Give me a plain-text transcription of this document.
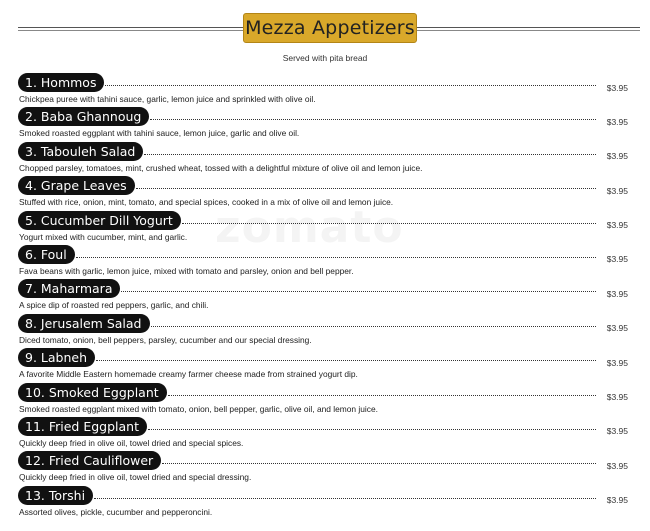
Mezza Appetizers
Served with pita bread
1. Hommos	$3.95
Chickpea puree with tahini sauce, garlic, lemon juice and sprinkled with olive oil.
2. Baba Ghannoug	$3.95
Smoked roasted eggplant with tahini sauce, lemon juice, garlic and olive oil.
3. Tabouleh Salad	$3.95
Chopped parsley, tomatoes, mint, crushed wheat, tossed with a delightful mixture of olive oil and lemon juice.
4. Grape Leaves	$3.95
Stuffed with rice, onion, mint, tomato, and special spices, cooked in a mix of olive oil and lemon juice.
5. Cucumber Dill Yogurt	$3.95
Yogurt mixed with cucumber, mint, and garlic.
6. Foul	$3.95
Fava beans with garlic, lemon juice, mixed with tomato and parsley, onion and bell pepper.
7. Maharmara	$3.95
A spice dip of roasted red peppers, garlic, and chili.
8. Jerusalem Salad	$3.95
Diced tomato, onion, bell peppers, parsley, cucumber and our special dressing.
9. Labneh	$3.95
A favorite Middle Eastern homemade creamy farmer cheese made from strained yogurt dip.
10. Smoked Eggplant	$3.95
Smoked roasted eggplant mixed with tomato, onion, bell pepper, garlic, olive oil, and lemon juice.
11. Fried Eggplant	$3.95
Quickly deep fried in olive oil, towel dried and special spices.
12. Fried Cauliflower	$3.95
Quickly deep fried in olive oil, towel dried and special dressing.
13. Torshi	$3.95
Assorted olives, pickle, cucumber and pepperoncini.
